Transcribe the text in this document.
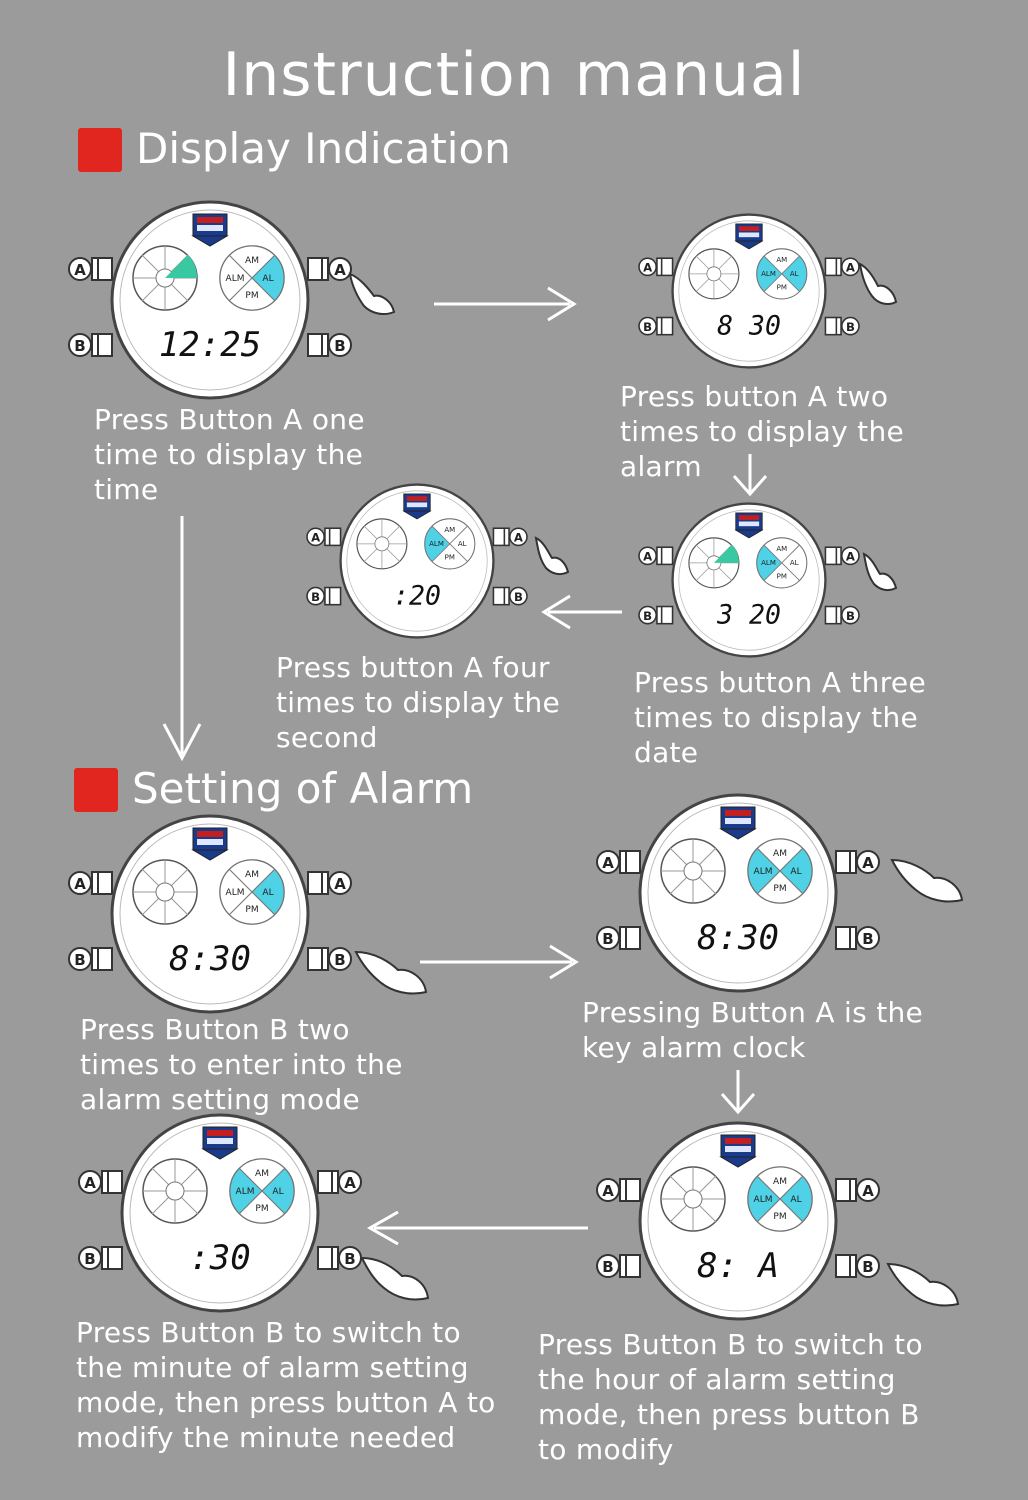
Instruction manual
Display Indication
Setting of Alarm
A
B
A
B
AM
AL
PM
ALM
12:25
A
B
A
B
AM
AL
PM
ALM
8 30
A
B
A
B
AM
AL
PM
ALM
3 20
A
B
A
B
AM
AL
PM
ALM
:20
A
B
A
B
AM
AL
PM
ALM
8:30
A
B
A
B
AM
AL
PM
ALM
8:30
A
B
A
B
AM
AL
PM
ALM
8: A
A
B
A
B
AM
AL
PM
ALM
:30
Press Button A one
time to display the
time
Press button A two
times to display the
alarm
Press button A four
times to display the
second
Press button A three
times to display the
date
Press Button B two
times to enter into the
alarm setting mode
Pressing Button A is the
key alarm clock
Press Button B to switch to
the minute of alarm setting
mode, then press button A to
modify the minute needed
Press Button B to switch to
the hour of alarm setting
mode, then press button B
to modify
